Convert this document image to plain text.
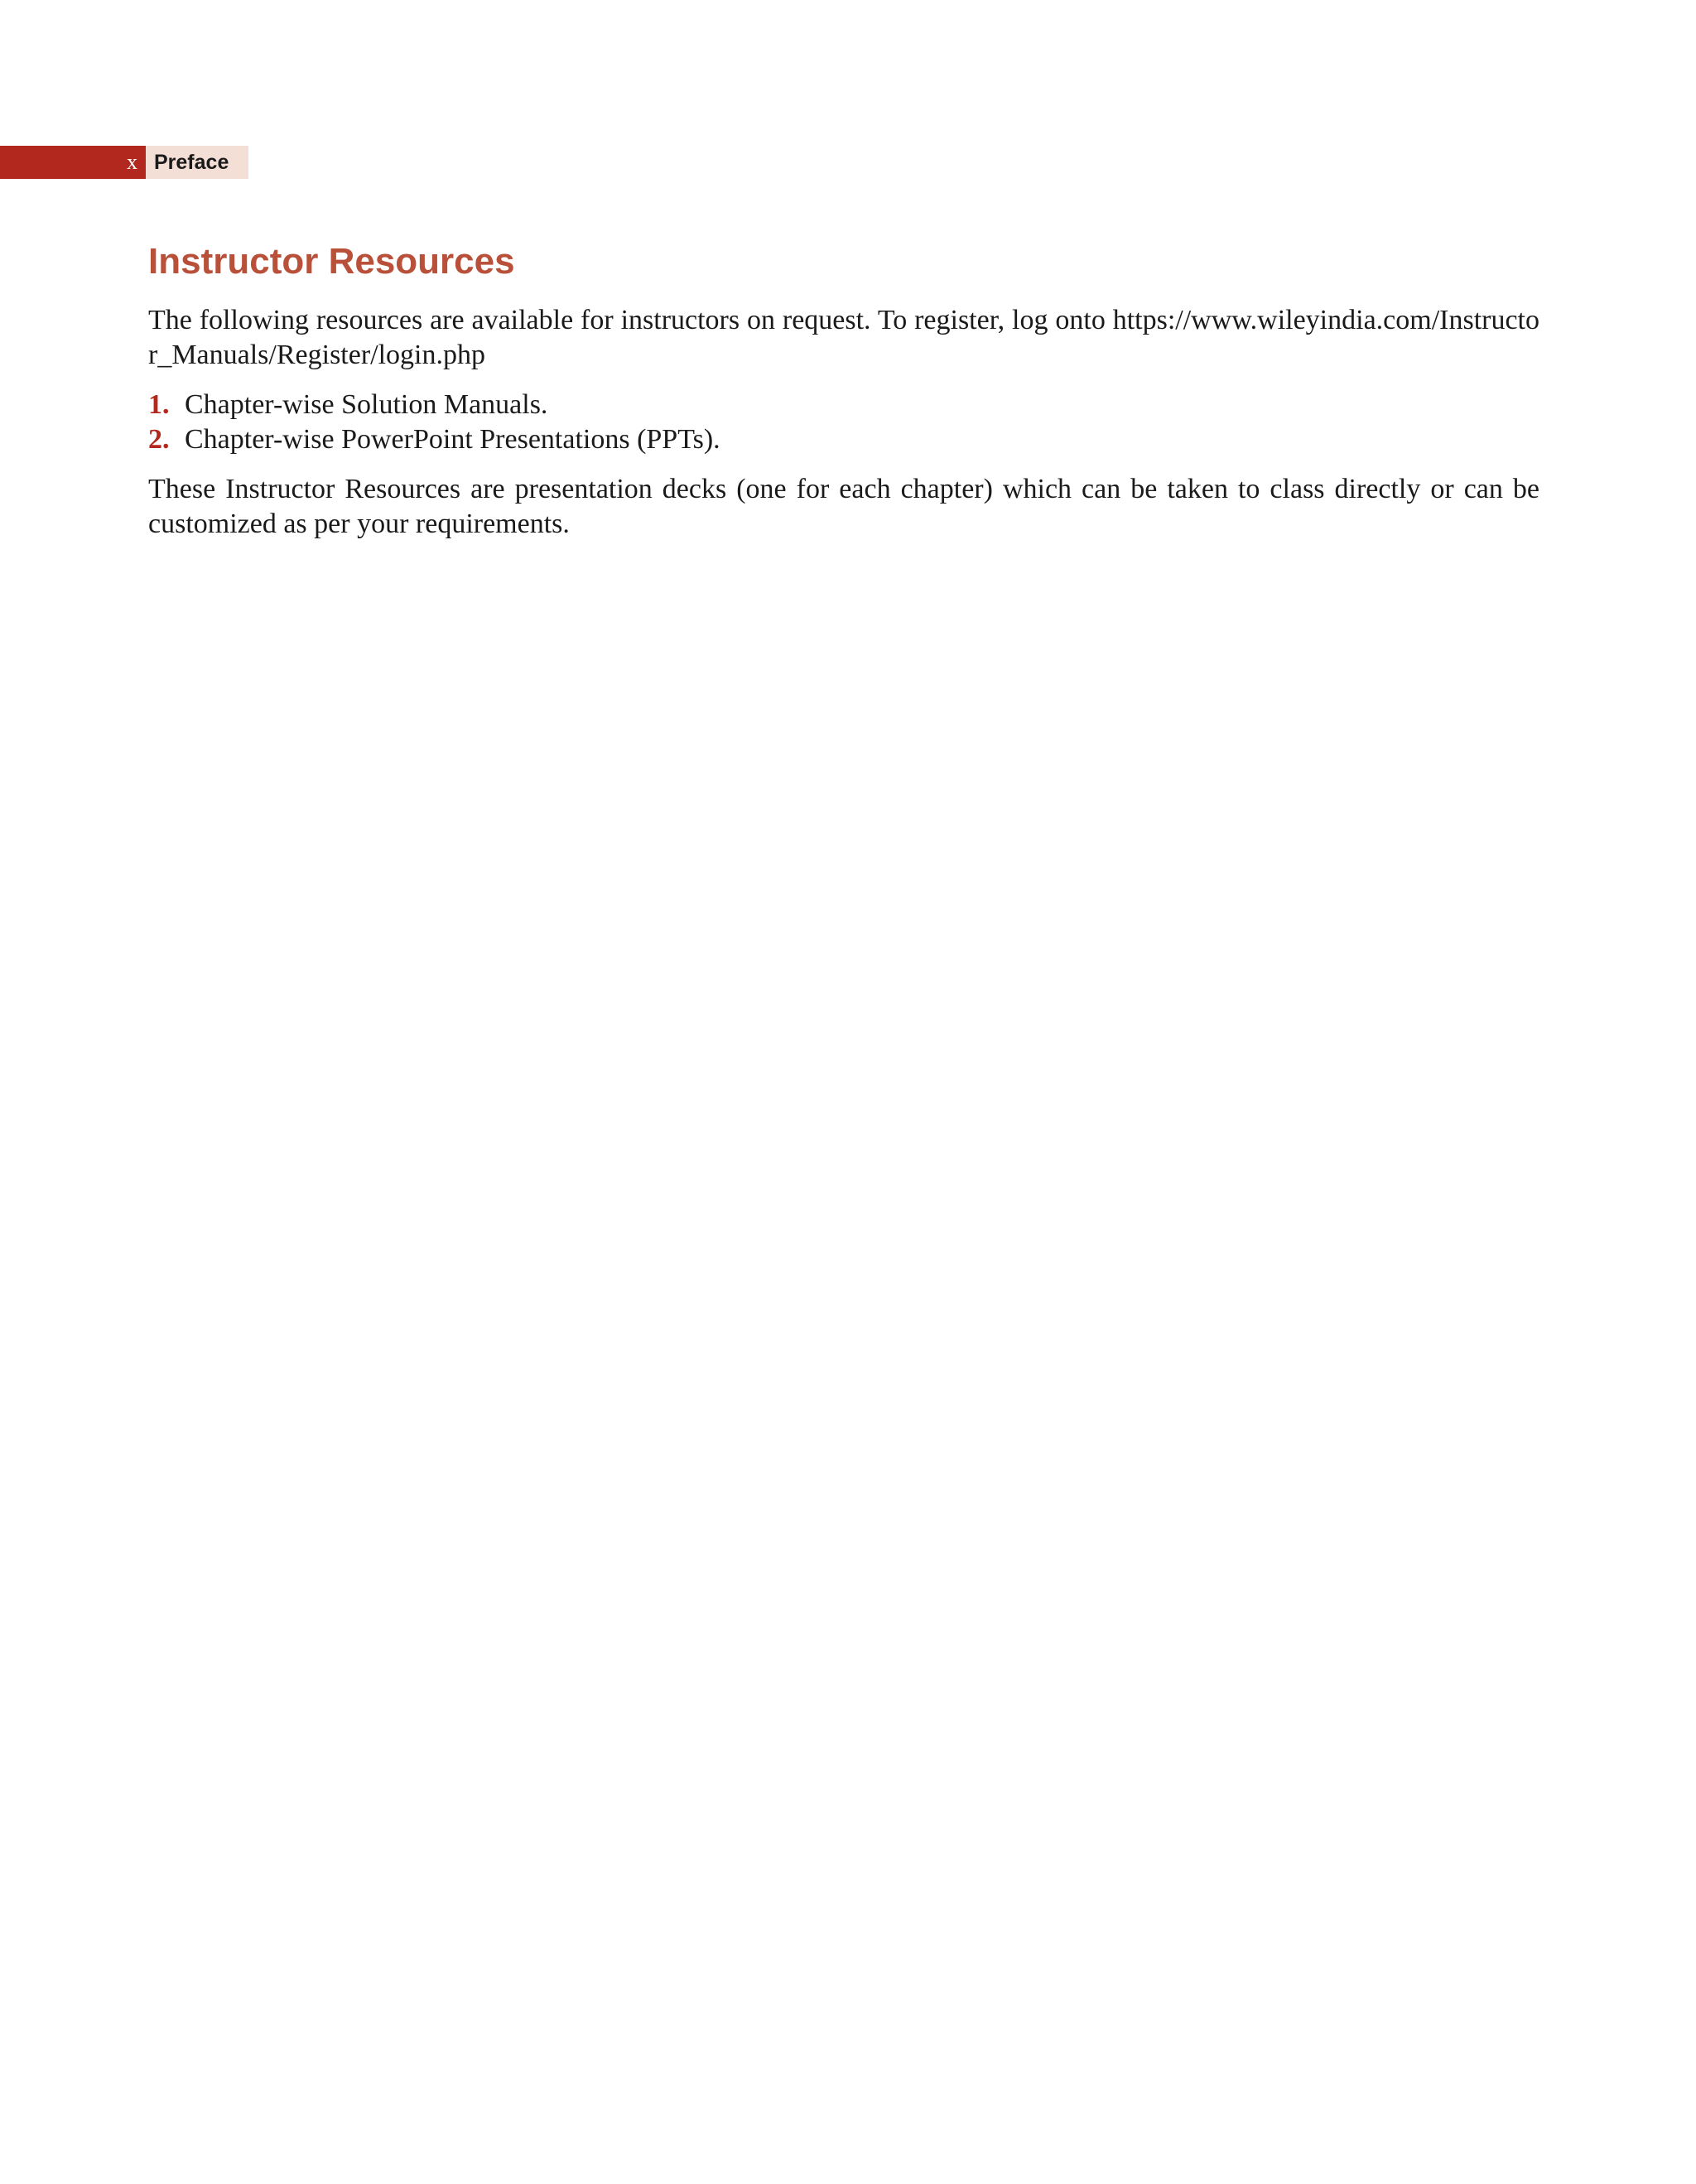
x Preface
Instructor Resources

The following resources are available for instructors on request. To register, log onto https://www.wileyindia.com/Instructor_Manuals/Register/login.php

1. Chapter-wise Solution Manuals.
2. Chapter-wise PowerPoint Presentations (PPTs).

These Instructor Resources are presentation decks (one for each chapter) which can be taken to class directly or can be customized as per your requirements.
